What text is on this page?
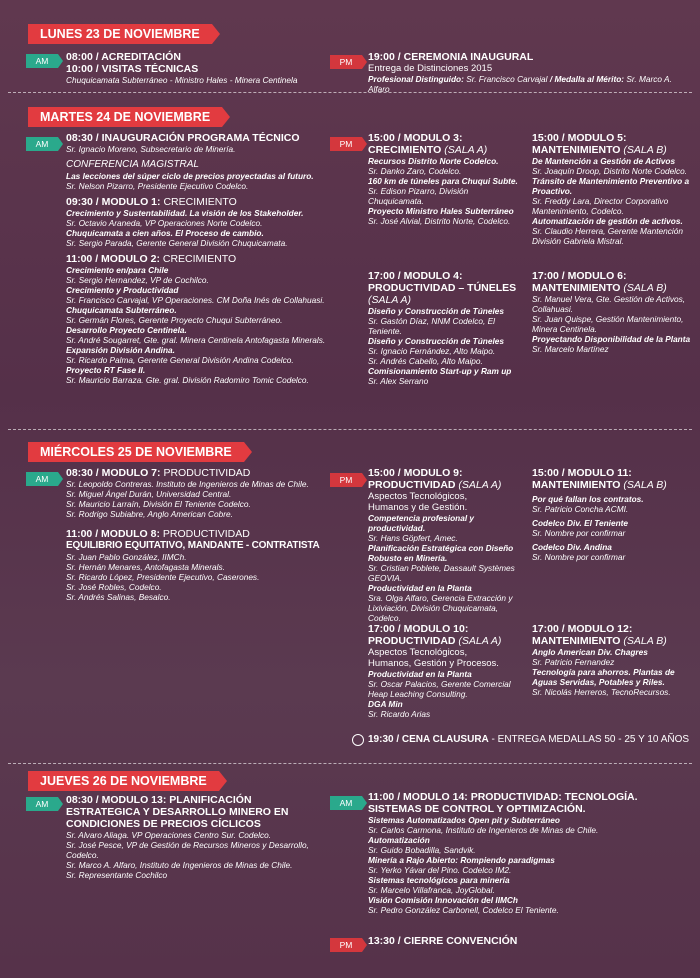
LUNES 23 DE NOVIEMBRE
AM	08:00 / ACREDITACIÓN
10:00 / VISITAS TÉCNICAS
Chuquicamata Subterráneo - Ministro Hales - Minera Centinela
PM	19:00 / CEREMONIA INAUGURAL
Entrega de Distinciones 2015
Profesional Distinguido: Sr. Francisco Carvajal / Medalla al Mérito: Sr. Marco A. Alfaro
MARTES 24 DE NOVIEMBRE
AM	08:30 / INAUGURACIÓN PROGRAMA TÉCNICO
Sr. Ignacio Moreno, Subsecretario de Minería.
CONFERENCIA MAGISTRAL
Las lecciones del súper ciclo de precios proyectadas al futuro.
Sr. Nelson Pizarro, Presidente Ejecutivo Codelco.
09:30 / MODULO 1: CRECIMIENTO
Crecimiento y Sustentabilidad. La visión de los Stakeholder.
Sr. Octavio Araneda, VP Operaciones Norte Codelco.
Chuquicamata a cien años. El Proceso de cambio.
Sr. Sergio Parada, Gerente General División Chuquicamata.
11:00 / MODULO 2: CRECIMIENTO
Crecimiento en/para Chile
Sr. Sergio Hernandez, VP de Cochilco.
Crecimiento y Productividad
Sr. Francisco Carvajal, VP Operaciones. CM Doña Inés de Collahuasi.
Chuquicamata Subterráneo.
Sr. Germán Flores, Gerente Proyecto Chuqui Subterráneo.
Desarrollo Proyecto Centinela.
Sr. André Sougarret, Gte. gral. Minera Centinela Antofagasta Minerals.
Expansión División Andina.
Sr. Ricardo Palma, Gerente General División Andina Codelco.
Proyecto RT Fase II.
Sr. Mauricio Barraza. Gte. gral. División Radomiro Tomic Codelco.
PM	15:00 / MODULO 3:
CRECIMIENTO (SALA A)
Recursos Distrito Norte Codelco.
Sr. Danko Zaro, Codelco.
160 km de túneles para Chuqui Subte.
Sr. Edison Pizarro, División Chuquicamata.
Proyecto Ministro Hales Subterráneo
Sr. José Alvial, Distrito Norte, Codelco.
15:00 / MODULO 5:
MANTENIMIENTO (SALA B)
De Mantención a Gestión de Activos
Sr. Joaquín Droop, Distrito Norte Codelco.
Tránsito de Mantenimiento Preventivo a Proactivo.
Sr. Freddy Lara, Director Corporativo Mantenimiento, Codelco.
Automatización de gestión de activos.
Sr. Claudio Herrera, Gerente Mantención División Gabriela Mistral.
17:00 / MODULO 4:
PRODUCTIVIDAD – TÚNELES
(SALA A)
Diseño y Construcción de Túneles
Sr. Gastón Díaz, NNM Codelco, El Teniente.
Diseño y Construcción de Túneles
Sr. Ignacio Fernández, Alto Maipo.
Sr. Andrés Cabello, Alto Maipo.
Comisionamiento Start-up y Ram up
Sr. Alex Serrano
17:00 / MODULO 6:
MANTENIMIENTO (SALA B)
Sr. Manuel Vera, Gte. Gestión de Activos, Collahuasi.
Sr. Juan Quispe, Gestión Mantenimiento, Minera Centinela.
Proyectando Disponibilidad de la Planta
Sr. Marcelo Martínez
MIÉRCOLES 25 DE NOVIEMBRE
AM	08:30 / MODULO 7: PRODUCTIVIDAD
Sr. Leopoldo Contreras. Instituto de Ingenieros de Minas de Chile.
Sr. Miguel Ángel Durán, Universidad Central.
Sr. Mauricio Larraín, División El Teniente Codelco.
Sr. Rodrigo Subiabre, Anglo American Cobre.
11:00 / MODULO 8: PRODUCTIVIDAD
EQUILIBRIO EQUITATIVO, MANDANTE - CONTRATISTA
Sr. Juan Pablo González, IIMCh.
Sr. Hernán Menares, Antofagasta Minerals.
Sr. Ricardo López, Presidente Ejecutivo, Caserones.
Sr. José Robles, Codelco.
Sr. Andrés Salinas, Besalco.
PM
15:00 / MODULO 9:
PRODUCTIVIDAD (SALA A)
Aspectos Tecnológicos,
Humanos y de Gestión.
Competencia profesional y productividad.
Sr. Hans Göpfert, Amec.
Planificación Estratégica con Diseño Robusto en Minería.
Sr. Cristian Poblete, Dassault Systèmes GEOVIA.
Productividad en la Planta
Sra. Olga Alfaro, Gerencia Extracción y Lixiviación, División Chuquicamata, Codelco.
15:00 / MODULO 11:
MANTENIMIENTO (SALA B)
Por qué fallan los contratos.
Sr. Patricio Concha ACMI.
Codelco Div. El Teniente
Sr. Nombre por confirmar
Codelco Div. Andina
Sr. Nombre por confirmar
17:00 / MODULO 10:
PRODUCTIVIDAD (SALA A)
Aspectos Tecnológicos,
Humanos, Gestión y Procesos.
Productividad en la Planta
Sr. Oscar Palacios, Gerente Comercial Heap Leaching Consulting.
DGA Min
Sr. Ricardo Arias
17:00 / MODULO 12:
MANTENIMIENTO (SALA B)
Anglo American Div. Chagres
Sr. Patricio Fernandez
Tecnología para ahorros. Plantas de Aguas Servidas, Potables y Riles.
Sr. Nicolás Herreros, TecnoRecursos.
19:30 / CENA CLAUSURA - ENTREGA MEDALLAS 50 - 25 Y 10 AÑOS
JUEVES 26 DE NOVIEMBRE
AM	08:30 / MODULO 13: PLANIFICACIÓN
ESTRATEGICA Y DESARROLLO MINERO EN
CONDICIONES DE PRECIOS CÍCLICOS
Sr. Alvaro Aliaga. VP Operaciones Centro Sur. Codelco.
Sr. José Pesce, VP de Gestión de Recursos Mineros y Desarrollo, Codelco.
Sr. Marco A. Alfaro, Instituto de Ingenieros de Minas de Chile.
Sr. Representante Cochilco
AM	11:00 / MODULO 14: PRODUCTIVIDAD: TECNOLOGÍA.
SISTEMAS DE CONTROL Y OPTIMIZACIÓN.
Sistemas Automatizados Open pit y Subterráneo
Sr. Carlos Carmona, Instituto de Ingenieros de Minas de Chile.
Automatización
Sr. Guido Bobadilla, Sandvik.
Minería a Rajo Abierto: Rompiendo paradigmas
Sr. Yerko Yávar del Pino. Codelco IM2.
Sistemas tecnológicos para minería
Sr. Marcelo Villafranca, JoyGlobal.
Visión Comisión Innovación del IIMCh
Sr. Pedro González Carbonell, Codelco El Teniente.
PM	13:30 / CIERRE CONVENCIÓN
